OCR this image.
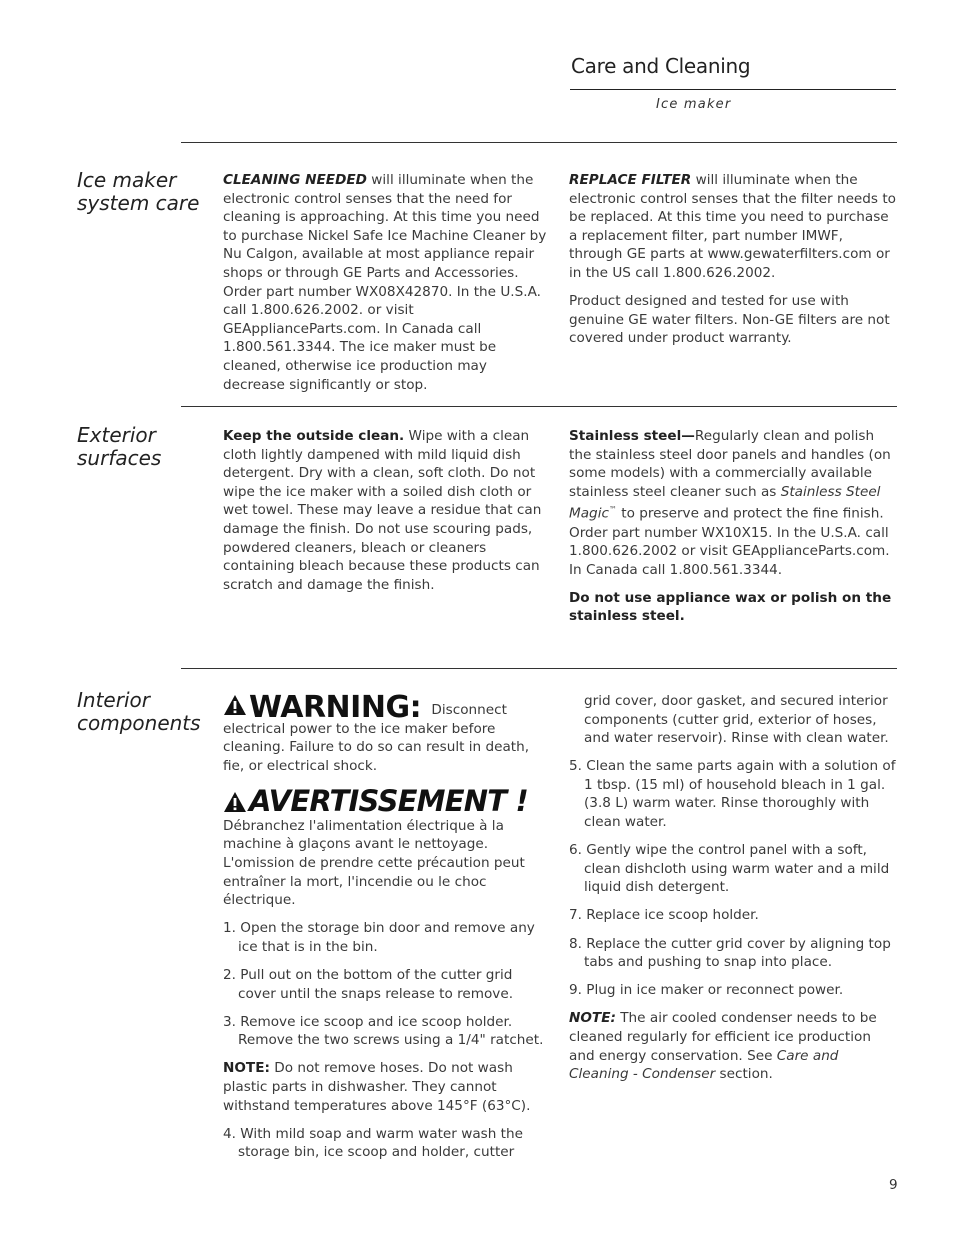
Care and Cleaning
Ice maker
Ice maker system care

CLEANING NEEDED will illuminate when the electronic control senses that the need for cleaning is approaching. At this time you need to purchase Nickel Safe Ice Machine Cleaner by Nu Calgon, available at most appliance repair shops or through GE Parts and Accessories. Order part number WX08X42870. In the U.S.A. call 1.800.626.2002. or visit GEApplianceParts.com. In Canada call 1.800.561.3344. The ice maker must be cleaned, otherwise ice production may decrease significantly or stop.

REPLACE FILTER will illuminate when the electronic control senses that the filter needs to be replaced. At this time you need to purchase a replacement filter, part number IMWF, through GE parts at www.gewaterfilters.com or in the US call 1.800.626.2002.

Product designed and tested for use with genuine GE water filters. Non-GE filters are not covered under product warranty.

Exterior surfaces

Keep the outside clean. Wipe with a clean cloth lightly dampened with mild liquid dish detergent. Dry with a clean, soft cloth. Do not wipe the ice maker with a soiled dish cloth or wet towel. These may leave a residue that can damage the finish. Do not use scouring pads, powdered cleaners, bleach or cleaners containing bleach because these products can scratch and damage the finish.

Stainless steel—Regularly clean and polish the stainless steel door panels and handles (on some models) with a commercially available stainless steel cleaner such as Stainless Steel Magic™ to preserve and protect the fine finish. Order part number WX10X15. In the U.S.A. call 1.800.626.2002 or visit GEApplianceParts.com. In Canada call 1.800.561.3344.

Do not use appliance wax or polish on the stainless steel.

Interior components	WARNING: Disconnect electrical power to the ice maker before cleaning. Failure to do so can result in death, fie, or electrical shock.

AVERTISSEMENT !

Débranchez l'alimentation électrique à la machine à glaçons avant le nettoyage. L'omission de prendre cette précaution peut entraîner la mort, l'incendie ou le choc électrique.

1. Open the storage bin door and remove any ice that is in the bin.
2. Pull out on the bottom of the cutter grid cover until the snaps release to remove.
3. Remove ice scoop and ice scoop holder. Remove the two screws using a 1/4" ratchet.

NOTE: Do not remove hoses. Do not wash plastic parts in dishwasher. They cannot withstand temperatures above 145°F (63°C).

4. With mild soap and warm water wash the storage bin, ice scoop and holder, cutter

grid cover, door gasket, and secured interior components (cutter grid, exterior of hoses, and water reservoir). Rinse with clean water.

5. Clean the same parts again with a solution of 1 tbsp. (15 ml) of household bleach in 1 gal. (3.8 L) warm water. Rinse thoroughly with clean water.
6. Gently wipe the control panel with a soft, clean dishcloth using warm water and a mild liquid dish detergent.
7. Replace ice scoop holder.
8. Replace the cutter grid cover by aligning top tabs and pushing to snap into place.
9. Plug in ice maker or reconnect power.

NOTE: The air cooled condenser needs to be cleaned regularly for efficient ice production and energy conservation. See Care and Cleaning - Condenser section.

9
